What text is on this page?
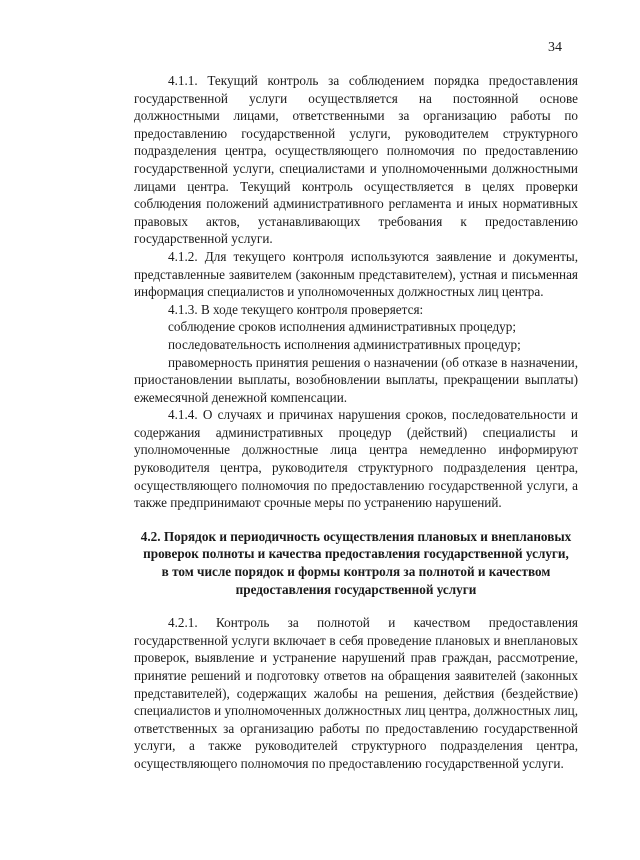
34

4.1.1. Текущий контроль за соблюдением порядка предоставления государственной услуги осуществляется на постоянной основе должностными лицами, ответственными за организацию работы по предоставлению государственной услуги, руководителем структурного подразделения центра, осуществляющего полномочия по предоставлению государственной услуги, специалистами и уполномоченными должностными лицами центра. Текущий контроль осуществляется в целях проверки соблюдения положений административного регламента и иных нормативных правовых актов, устанавливающих требования к предоставлению государственной услуги.

4.1.2. Для текущего контроля используются заявление и документы, представленные заявителем (законным представителем), устная и письменная информация специалистов и уполномоченных должностных лиц центра.

4.1.3. В ходе текущего контроля проверяется:

соблюдение сроков исполнения административных процедур;

последовательность исполнения административных процедур;

правомерность принятия решения о назначении (об отказе в назначении, приостановлении выплаты, возобновлении выплаты, прекращении выплаты) ежемесячной денежной компенсации.

4.1.4. О случаях и причинах нарушения сроков, последовательности и содержания административных процедур (действий) специалисты и уполномоченные должностные лица центра немедленно информируют руководителя центра, руководителя структурного подразделения центра, осуществляющего полномочия по предоставлению государственной услуги, а также предпринимают срочные меры по устранению нарушений.

4.2. Порядок и периодичность осуществления плановых и внеплановых проверок полноты и качества предоставления государственной услуги, в том числе порядок и формы контроля за полнотой и качеством предоставления государственной услуги

4.2.1. Контроль за полнотой и качеством предоставления государственной услуги включает в себя проведение плановых и внеплановых проверок, выявление и устранение нарушений прав граждан, рассмотрение, принятие решений и подготовку ответов на обращения заявителей (законных представителей), содержащих жалобы на решения, действия (бездействие) специалистов и уполномоченных должностных лиц центра, должностных лиц, ответственных за организацию работы по предоставлению государственной услуги, а также руководителей структурного подразделения центра, осуществляющего полномочия по предоставлению государственной услуги.
